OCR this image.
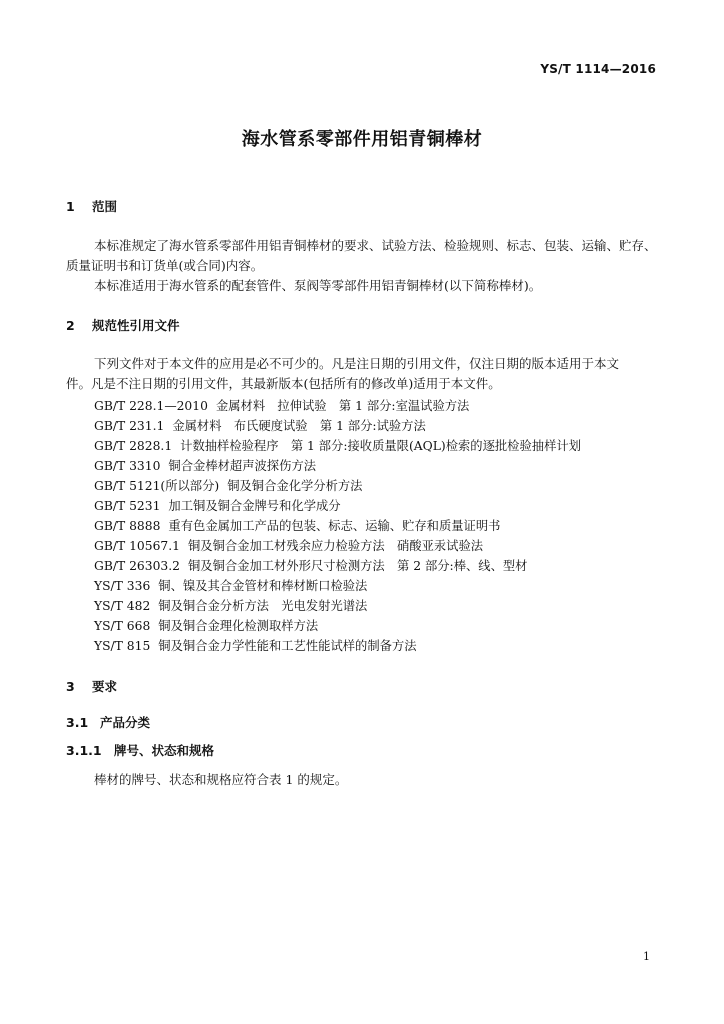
YS/T 1114—2016
海水管系零部件用铝青铜棒材
1 范围
本标准规定了海水管系零部件用铝青铜棒材的要求、试验方法、检验规则、标志、包装、运输、贮存、
质量证明书和订货单(或合同)内容。
本标准适用于海水管系的配套管件、泵阀等零部件用铝青铜棒材(以下简称棒材)。
2 规范性引用文件
下列文件对于本文件的应用是必不可少的。凡是注日期的引用文件，仅注日期的版本适用于本文
件。凡是不注日期的引用文件，其最新版本(包括所有的修改单)适用于本文件。
GB/T 228.1—2010 金属材料　拉伸试验　第 1 部分:室温试验方法
GB/T 231.1 金属材料　布氏硬度试验　第 1 部分:试验方法
GB/T 2828.1 计数抽样检验程序　第 1 部分:接收质量限(AQL)检索的逐批检验抽样计划
GB/T 3310 铜合金棒材超声波探伤方法
GB/T 5121(所以部分) 铜及铜合金化学分析方法
GB/T 5231 加工铜及铜合金牌号和化学成分
GB/T 8888 重有色金属加工产品的包装、标志、运输、贮存和质量证明书
GB/T 10567.1 铜及铜合金加工材残余应力检验方法　硝酸亚汞试验法
GB/T 26303.2 铜及铜合金加工材外形尺寸检测方法　第 2 部分:棒、线、型材
YS/T 336 铜、镍及其合金管材和棒材断口检验法
YS/T 482 铜及铜合金分析方法　光电发射光谱法
YS/T 668 铜及铜合金理化检测取样方法
YS/T 815 铜及铜合金力学性能和工艺性能试样的制备方法
3 要求
3.1 产品分类
3.1.1 牌号、状态和规格
棒材的牌号、状态和规格应符合表 1 的规定。
1
